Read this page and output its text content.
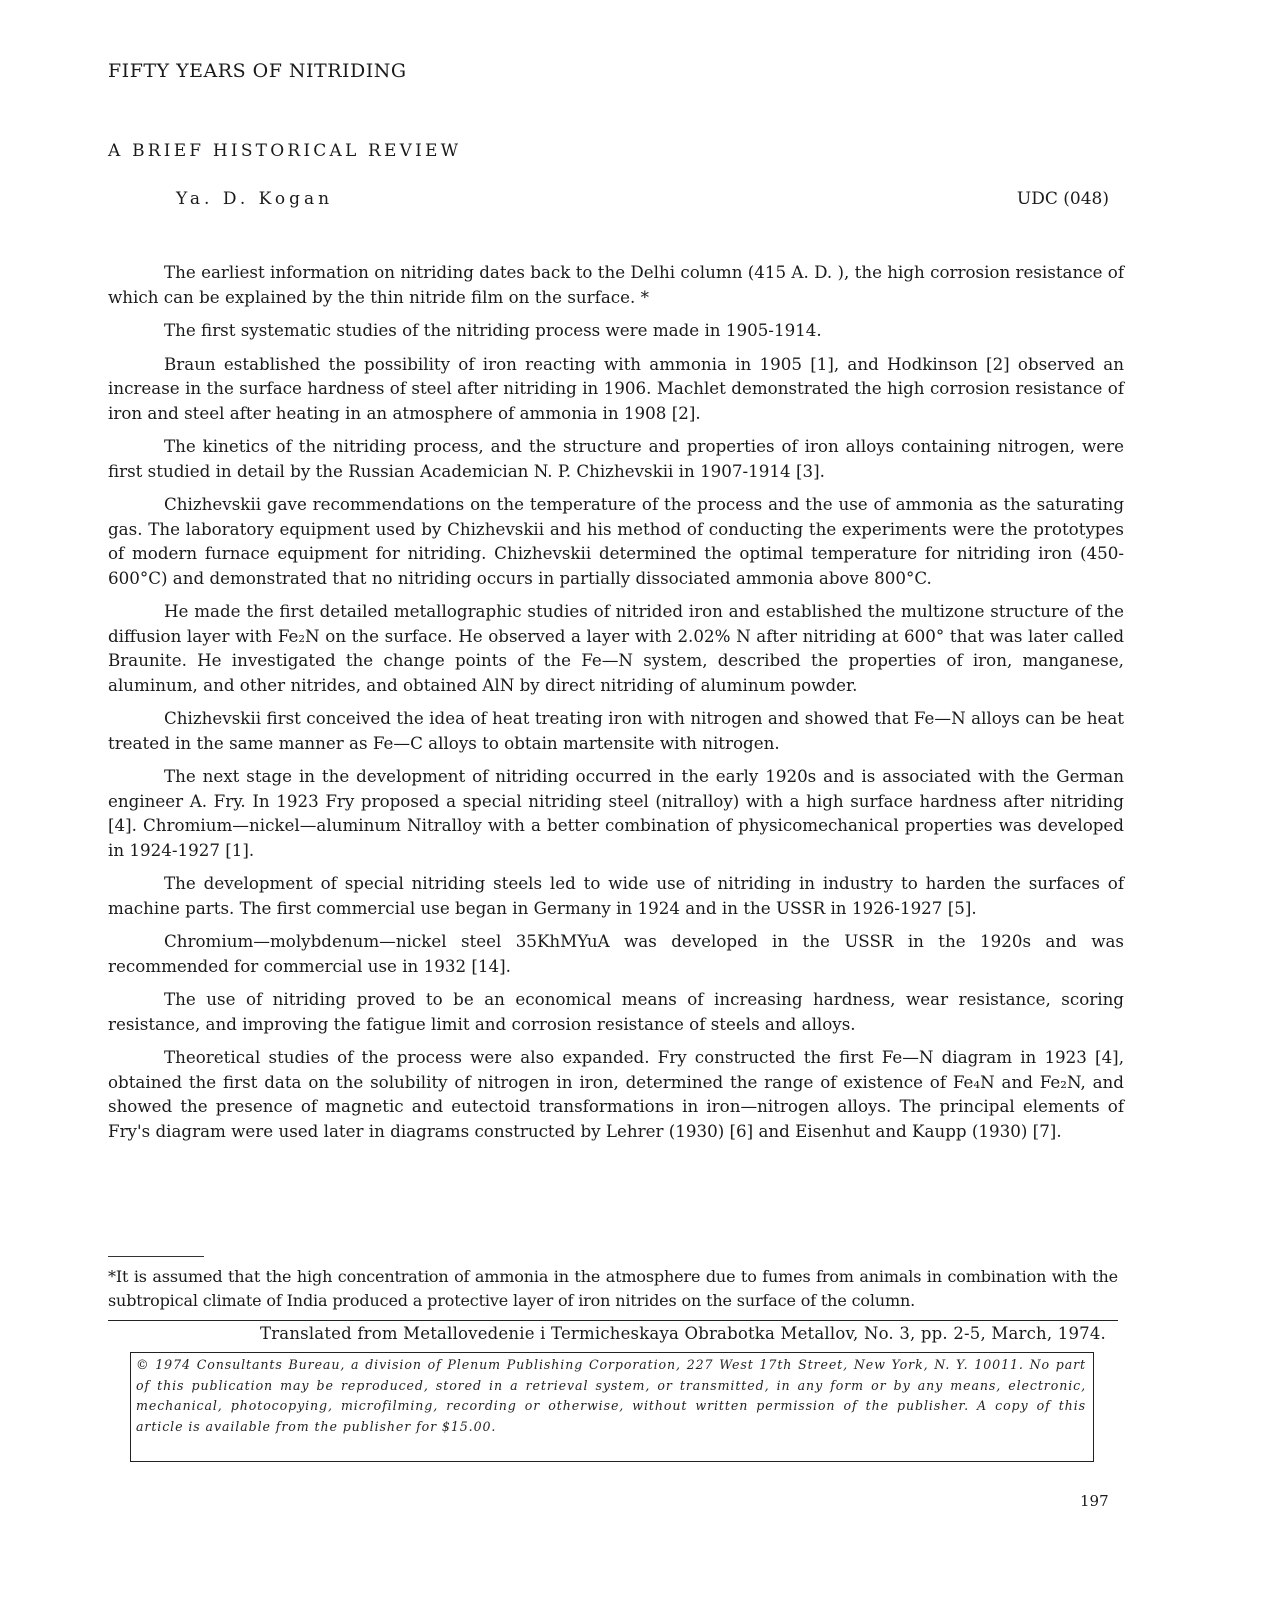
FIFTY YEARS OF NITRIDING
A BRIEF HISTORICAL REVIEW
Ya. D. Kogan	UDC (048)

The earliest information on nitriding dates back to the Delhi column (415 A. D. ), the high corrosion resistance of which can be explained by the thin nitride film on the surface. *

The first systematic studies of the nitriding process were made in 1905-1914.

Braun established the possibility of iron reacting with ammonia in 1905 [1], and Hodkinson [2] observed an increase in the surface hardness of steel after nitriding in 1906. Machlet demonstrated the high corrosion resistance of iron and steel after heating in an atmosphere of ammonia in 1908 [2].

The kinetics of the nitriding process, and the structure and properties of iron alloys containing nitrogen, were first studied in detail by the Russian Academician N. P. Chizhevskii in 1907-1914 [3].

Chizhevskii gave recommendations on the temperature of the process and the use of ammonia as the saturating gas. The laboratory equipment used by Chizhevskii and his method of conducting the experiments were the prototypes of modern furnace equipment for nitriding. Chizhevskii determined the optimal temperature for nitriding iron (450-600°C) and demonstrated that no nitriding occurs in partially dissociated ammonia above 800°C.

He made the first detailed metallographic studies of nitrided iron and established the multizone structure of the diffusion layer with Fe₂N on the surface. He observed a layer with 2.02% N after nitriding at 600° that was later called Braunite. He investigated the change points of the Fe—N system, described the properties of iron, manganese, aluminum, and other nitrides, and obtained AlN by direct nitriding of aluminum powder.

Chizhevskii first conceived the idea of heat treating iron with nitrogen and showed that Fe—N alloys can be heat treated in the same manner as Fe—C alloys to obtain martensite with nitrogen.

The next stage in the development of nitriding occurred in the early 1920s and is associated with the German engineer A. Fry. In 1923 Fry proposed a special nitriding steel (nitralloy) with a high surface hardness after nitriding [4]. Chromium—nickel—aluminum Nitralloy with a better combination of physicomechanical properties was developed in 1924-1927 [1].

The development of special nitriding steels led to wide use of nitriding in industry to harden the surfaces of machine parts. The first commercial use began in Germany in 1924 and in the USSR in 1926-1927 [5].

Chromium—molybdenum—nickel steel 35KhMYuA was developed in the USSR in the 1920s and was recommended for commercial use in 1932 [14].

The use of nitriding proved to be an economical means of increasing hardness, wear resistance, scoring resistance, and improving the fatigue limit and corrosion resistance of steels and alloys.

Theoretical studies of the process were also expanded. Fry constructed the first Fe—N diagram in 1923 [4], obtained the first data on the solubility of nitrogen in iron, determined the range of existence of Fe₄N and Fe₂N, and showed the presence of magnetic and eutectoid transformations in iron—nitrogen alloys. The principal elements of Fry's diagram were used later in diagrams constructed by Lehrer (1930) [6] and Eisenhut and Kaupp (1930) [7].

*It is assumed that the high concentration of ammonia in the atmosphere due to fumes from animals in combination with the subtropical climate of India produced a protective layer of iron nitrides on the surface of the column.
Translated from Metallovedenie i Termicheskaya Obrabotka Metallov, No. 3, pp. 2-5, March, 1974.
© 1974 Consultants Bureau, a division of Plenum Publishing Corporation, 227 West 17th Street, New York, N. Y. 10011. No part of this publication may be reproduced, stored in a retrieval system, or transmitted, in any form or by any means, electronic, mechanical, photocopying, microfilming, recording or otherwise, without written permission of the publisher. A copy of this article is available from the publisher for $15.00.
197
